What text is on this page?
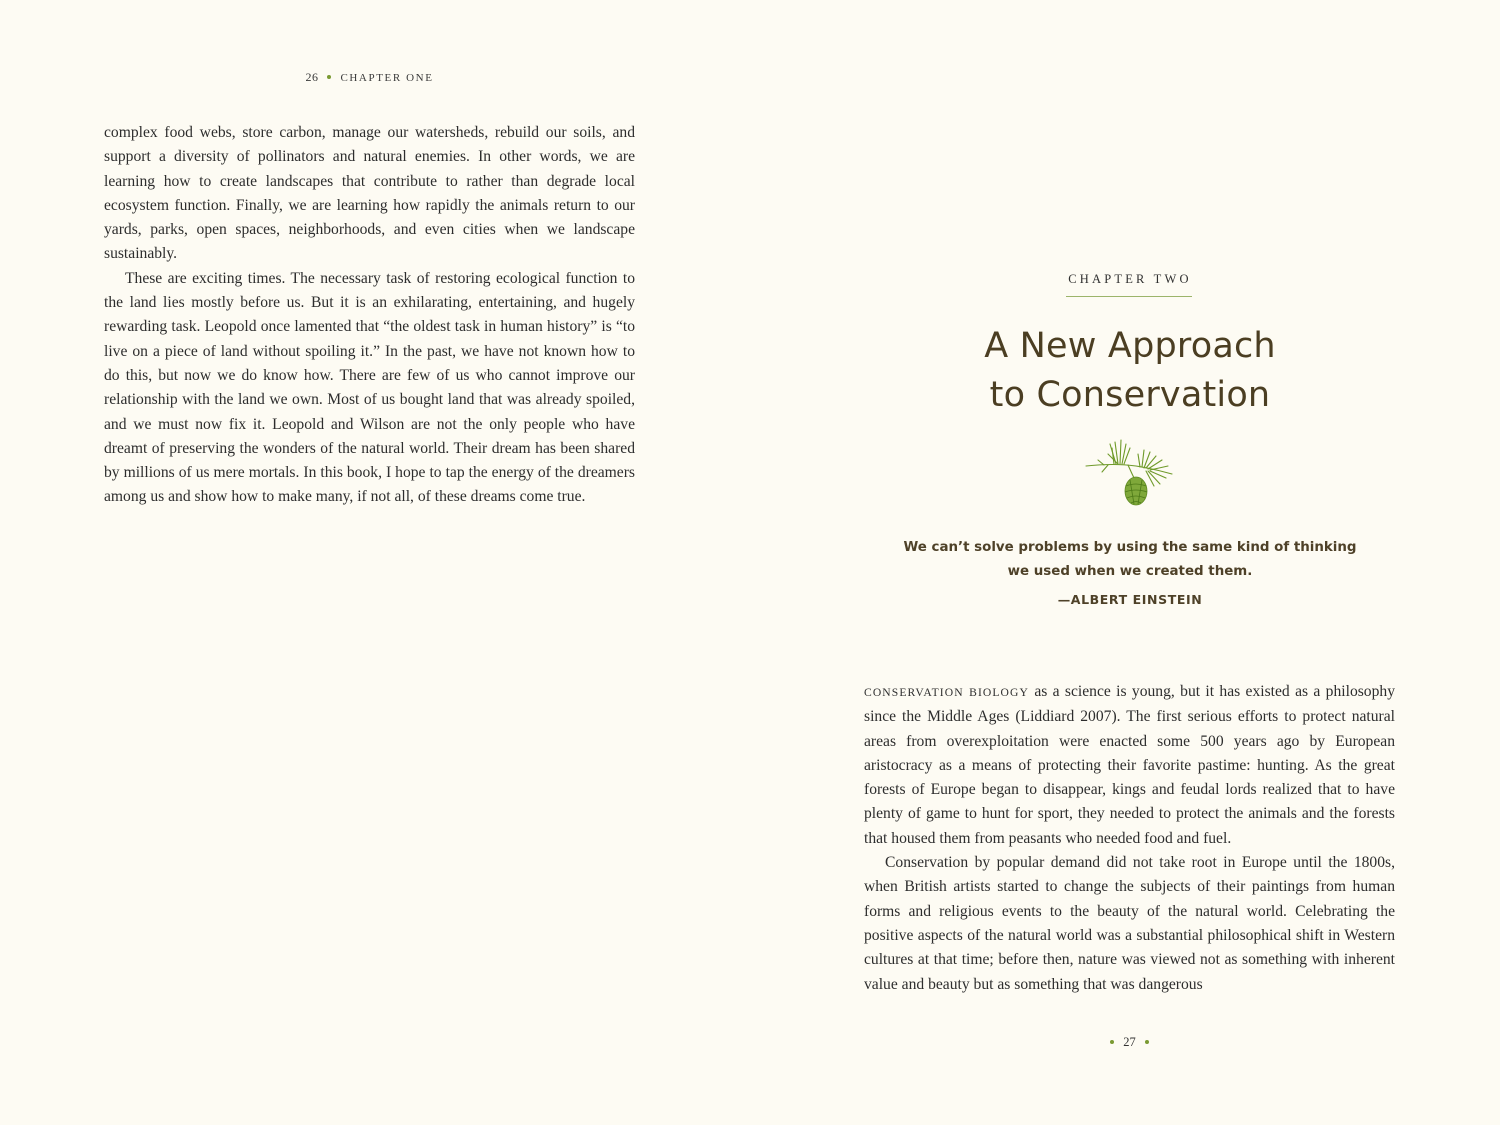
26 CHAPTER ONE

complex food webs, store carbon, manage our watersheds, rebuild our soils, and support a diversity of pollinators and natural enemies. In other words, we are learning how to create landscapes that contribute to rather than degrade local ecosystem function. Finally, we are learning how rapidly the animals return to our yards, parks, open spaces, neighborhoods, and even cities when we landscape sustainably.

These are exciting times. The necessary task of restoring ecological function to the land lies mostly before us. But it is an exhilarating, entertaining, and hugely rewarding task. Leopold once lamented that “the oldest task in human history” is “to live on a piece of land without spoiling it.” In the past, we have not known how to do this, but now we do know how. There are few of us who cannot improve our relationship with the land we own. Most of us bought land that was already spoiled, and we must now fix it. Leopold and Wilson are not the only people who have dreamt of preserving the wonders of the natural world. Their dream has been shared by millions of us mere mortals. In this book, I hope to tap the energy of the dreamers among us and show how to make many, if not all, of these dreams come true.

CHAPTER TWO
A New Approach
to Conservation
We can’t solve problems by using the same kind of thinking
we used when we created them.
—ALBERT EINSTEIN

CONSERVATION BIOLOGY as a science is young, but it has existed as a philosophy since the Middle Ages (Liddiard 2007). The first serious efforts to protect natural areas from overexploitation were enacted some 500 years ago by European aristocracy as a means of protecting their favorite pastime: hunting. As the great forests of Europe began to disappear, kings and feudal lords realized that to have plenty of game to hunt for sport, they needed to protect the animals and the forests that housed them from peasants who needed food and fuel.

Conservation by popular demand did not take root in Europe until the 1800s, when British artists started to change the subjects of their paintings from human forms and religious events to the beauty of the natural world. Celebrating the positive aspects of the natural world was a substantial philosophical shift in Western cultures at that time; before then, nature was viewed not as something with inherent value and beauty but as something that was dangerous

27
